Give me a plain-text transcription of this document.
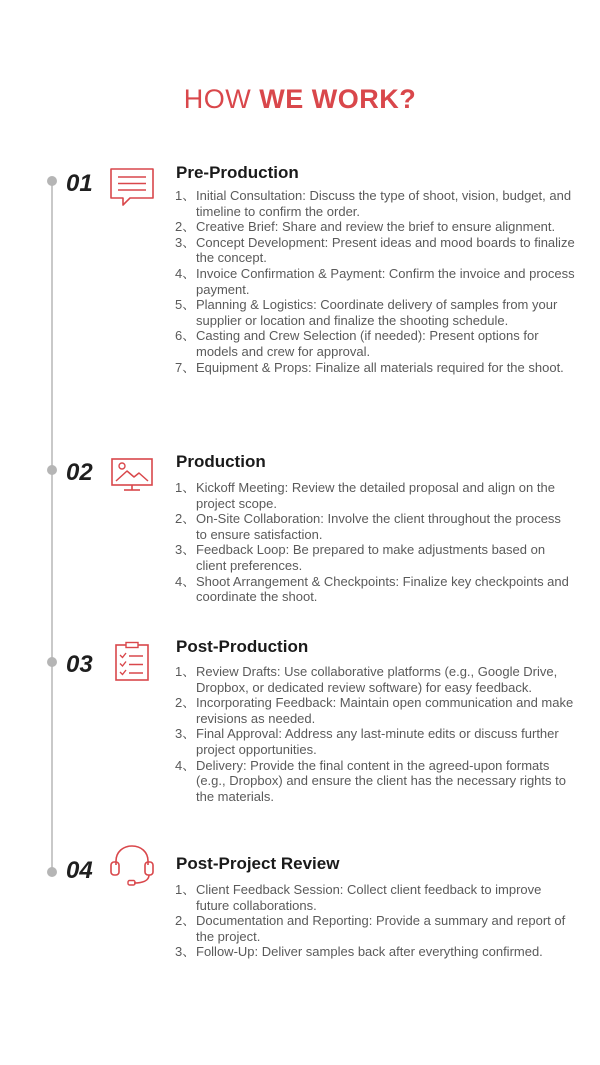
HOW WE WORK?
01	Pre-Production
1、 Initial Consultation: Discuss the type of shoot, vision, budget, and timeline to confirm the order.
2、 Creative Brief: Share and review the brief to ensure alignment.
3、 Concept Development: Present ideas and mood boards to finalize the concept.
4、 Invoice Confirmation & Payment: Confirm the invoice and process payment.
5、 Planning & Logistics: Coordinate delivery of samples from your supplier or location and finalize the shooting schedule.
6、 Casting and Crew Selection (if needed): Present options for models and crew for approval.
7、 Equipment & Props: Finalize all materials required for the shoot.
02	Production
1、 Kickoff Meeting: Review the detailed proposal and align on the project scope.
2、 On-Site Collaboration: Involve the client throughout the process to ensure satisfaction.
3、 Feedback Loop: Be prepared to make adjustments based on client preferences.
4、 Shoot Arrangement & Checkpoints: Finalize key checkpoints and coordinate the shoot.
03
Post-Production
1、 Review Drafts: Use collaborative platforms (e.g., Google Drive, Dropbox, or dedicated review software) for easy feedback.
2、 Incorporating Feedback: Maintain open communication and make revisions as needed.
3、 Final Approval: Address any last-minute edits or discuss further project opportunities.
4、 Delivery: Provide the final content in the agreed-upon formats (e.g., Dropbox) and ensure the client has the necessary rights to the materials.
04	Post-Project Review
1、 Client Feedback Session: Collect client feedback to improve future collaborations.
2、 Documentation and Reporting: Provide a summary and report of the project.
3、 Follow-Up: Deliver samples back after everything confirmed.
